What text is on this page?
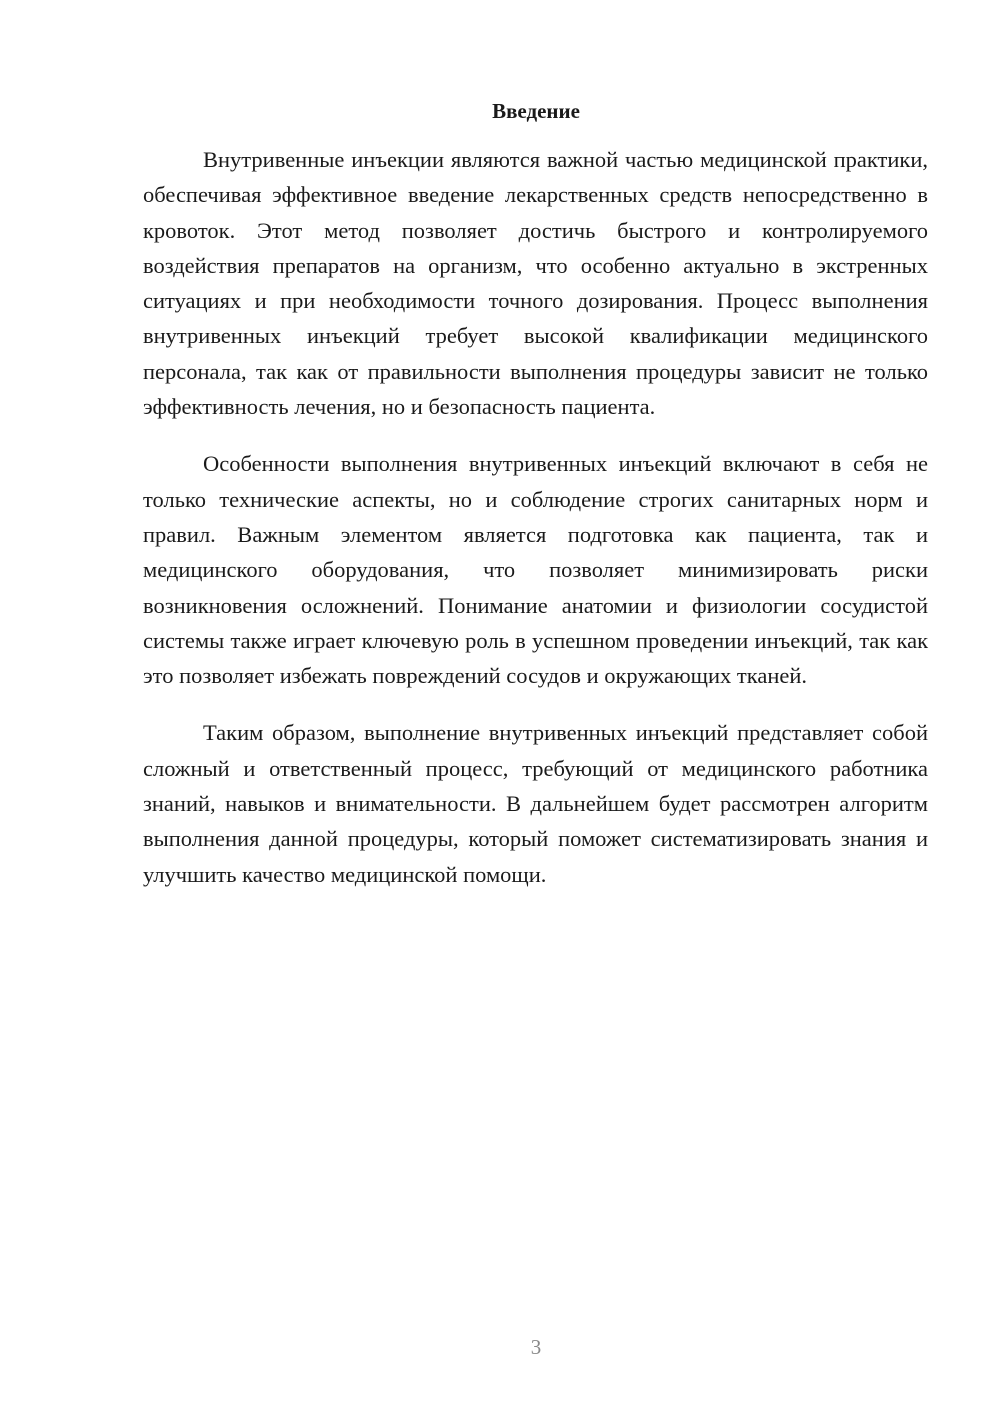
Введение

Внутривенные инъекции являются важной частью медицинской практики, обеспечивая эффективное введение лекарственных средств непосредственно в кровоток. Этот метод позволяет достичь быстрого и контролируемого воздействия препаратов на организм, что особенно актуально в экстренных ситуациях и при необходимости точного дозирования. Процесс выполнения внутривенных инъекций требует высокой квалификации медицинского персонала, так как от правильности выполнения процедуры зависит не только эффективность лечения, но и безопасность пациента.

Особенности выполнения внутривенных инъекций включают в себя не только технические аспекты, но и соблюдение строгих санитарных норм и правил. Важным элементом является подготовка как пациента, так и медицинского оборудования, что позволяет минимизировать риски возникновения осложнений. Понимание анатомии и физиологии сосудистой системы также играет ключевую роль в успешном проведении инъекций, так как это позволяет избежать повреждений сосудов и окружающих тканей.

Таким образом, выполнение внутривенных инъекций представляет собой сложный и ответственный процесс, требующий от медицинского работника знаний, навыков и внимательности. В дальнейшем будет рассмотрен алгоритм выполнения данной процедуры, который поможет систематизировать знания и улучшить качество медицинской помощи.

3
